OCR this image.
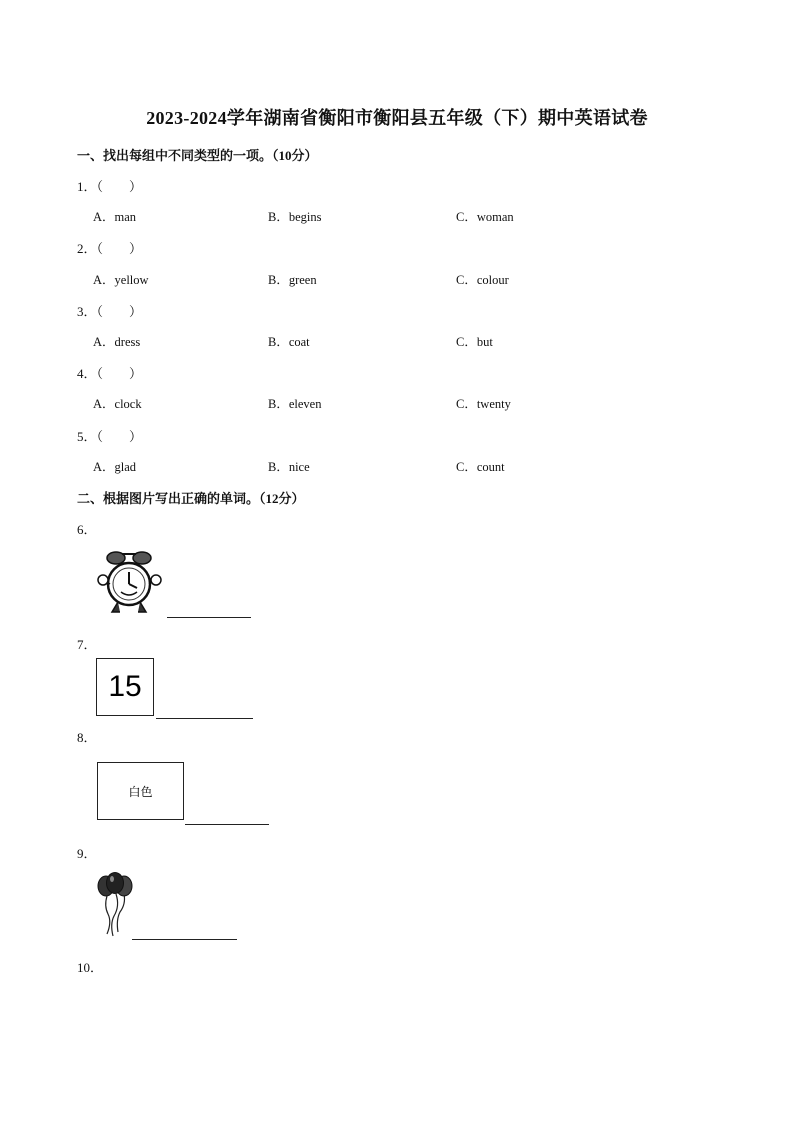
2023-2024学年湖南省衡阳市衡阳县五年级（下）期中英语试卷
一、找出每组中不同类型的一项。（10分）
1．（　　）
A．man	B．begins	C．woman
2．（　　）
A．yellow	B．green	C．colour
3．（　　）
A．dress	B．coat	C．but
4．（　　）
A．clock	B．eleven	C．twenty
5．（　　）
A．glad	B．nice	C．count
二、根据图片写出正确的单词。（12分）
6．
7．
15
8．
白色
9．
10．
